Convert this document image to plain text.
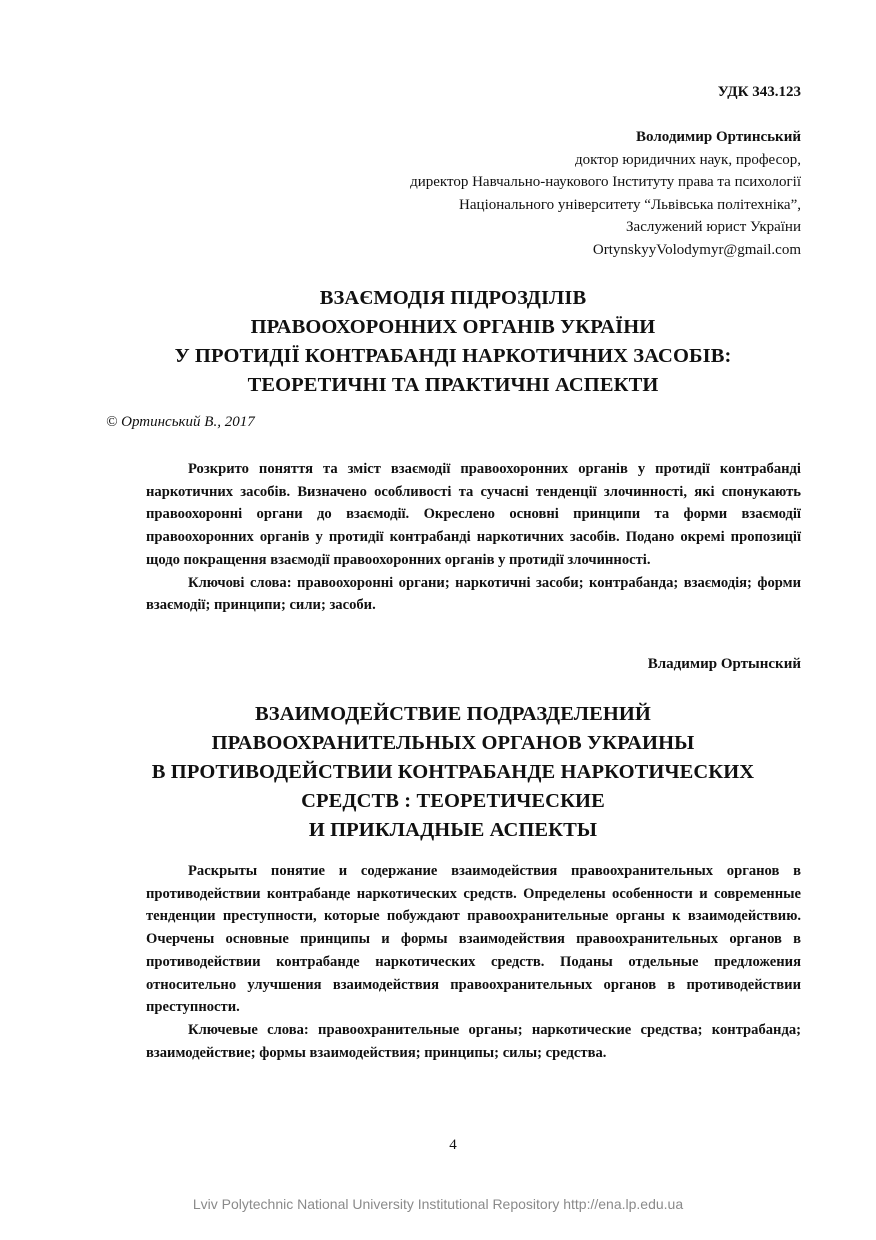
УДК 343.123
Володимир Ортинський
доктор юридичних наук, професор,
директор Навчально-наукового Інституту права та психології
Національного університету “Львівська політехніка”,
Заслужений юрист України
OrtynskyyVolodymyr@gmail.com
ВЗАЄМОДІЯ ПІДРОЗДІЛІВ
ПРАВООХОРОННИХ ОРГАНІВ УКРАЇНИ
У ПРОТИДІЇ КОНТРАБАНДІ НАРКОТИЧНИХ ЗАСОБІВ:
ТЕОРЕТИЧНІ ТА ПРАКТИЧНІ АСПЕКТИ
© Ортинський В., 2017

Розкрито поняття та зміст взаємодії правоохоронних органів у протидії контрабанді наркотичних засобів. Визначено особливості та сучасні тенденції злочинності, які спонукають правоохоронні органи до взаємодії. Окреслено основні принципи та форми взаємодії правоохоронних органів у протидії контрабанді наркотичних засобів. Подано окремі пропозиції щодо покращення взаємодії правоохоронних органів у протидії злочинності.

Ключові слова: правоохоронні органи; наркотичні засоби; контрабанда; взаємодія; форми взаємодії; принципи; сили; засоби.

Владимир Ортынский
ВЗАИМОДЕЙСТВИЕ ПОДРАЗДЕЛЕНИЙ
ПРАВООХРАНИТЕЛЬНЫХ ОРГАНОВ УКРАИНЫ
В ПРОТИВОДЕЙСТВИИ КОНТРАБАНДЕ НАРКОТИЧЕСКИХ
СРЕДСТВ : ТЕОРЕТИЧЕСКИЕ
И ПРИКЛАДНЫЕ АСПЕКТЫ

Раскрыты понятие и содержание взаимодействия правоохранительных органов в противодействии контрабанде наркотических средств. Определены особенности и современные тенденции преступности, которые побуждают правоохранительные органы к взаимодействию. Очерчены основные принципы и формы взаимодействия правоохранительных органов в противодействии контрабанде наркотических средств. Поданы отдельные предложения относительно улучшения взаимодействия правоохранительных органов в противодействии преступности.

Ключевые слова: правоохранительные органы; наркотические средства; контрабанда; взаимодействие; формы взаимодействия; принципы; силы; средства.

4
Lviv Polytechnic National University Institutional Repository http://ena.lp.edu.ua
